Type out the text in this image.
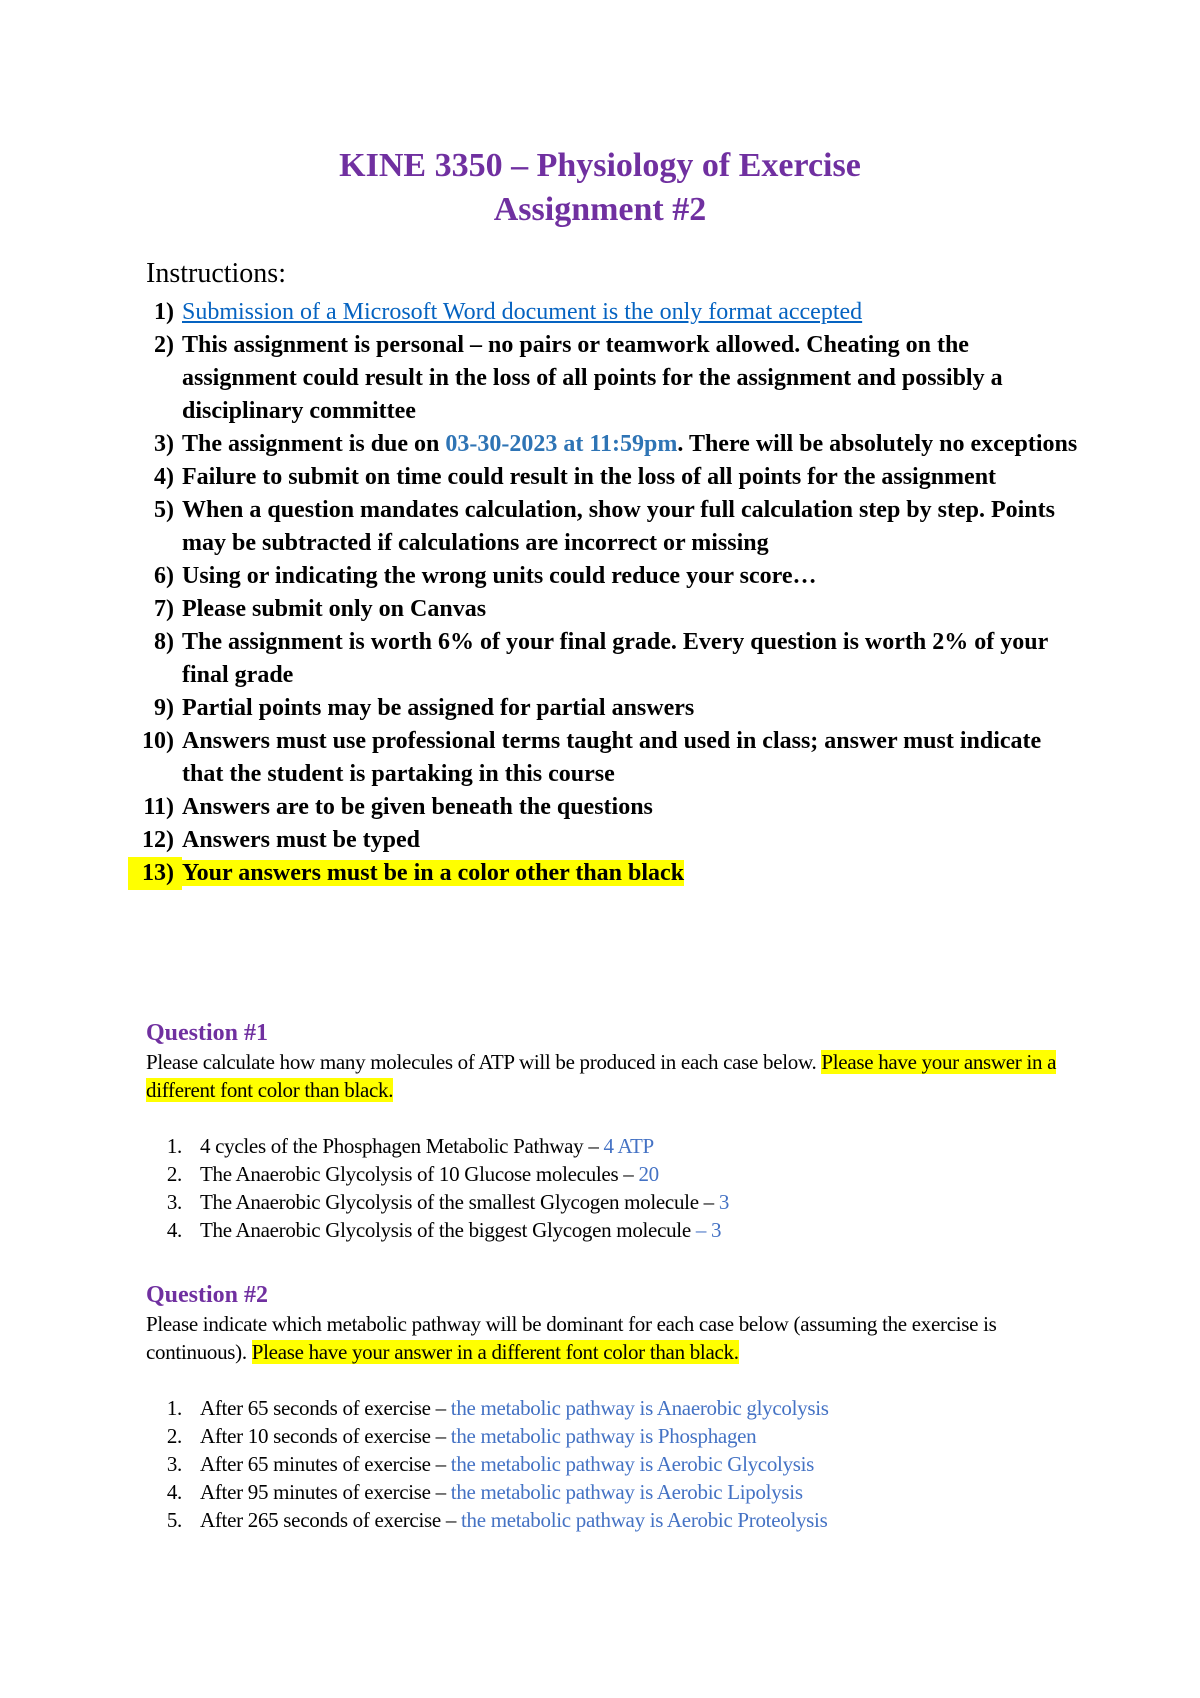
KINE 3350 – Physiology of Exercise
Assignment #2
Instructions:
1) Submission of a Microsoft Word document is the only format accepted
2) This assignment is personal – no pairs or teamwork allowed. Cheating on the assignment could result in the loss of all points for the assignment and possibly a disciplinary committee
3) The assignment is due on 03-30-2023 at 11:59pm. There will be absolutely no exceptions
4) Failure to submit on time could result in the loss of all points for the assignment
5) When a question mandates calculation, show your full calculation step by step. Points may be subtracted if calculations are incorrect or missing
6) Using or indicating the wrong units could reduce your score…
7) Please submit only on Canvas
8) The assignment is worth 6% of your final grade. Every question is worth 2% of your final grade
9) Partial points may be assigned for partial answers
10) Answers must use professional terms taught and used in class; answer must indicate that the student is partaking in this course
11) Answers are to be given beneath the questions
12) Answers must be typed
13) Your answers must be in a color other than black
Question #1
Please calculate how many molecules of ATP will be produced in each case below. Please have your answer in a different font color than black.
1. 4 cycles of the Phosphagen Metabolic Pathway – 4 ATP
2. The Anaerobic Glycolysis of 10 Glucose molecules – 20
3. The Anaerobic Glycolysis of the smallest Glycogen molecule – 3
4. The Anaerobic Glycolysis of the biggest Glycogen molecule – 3
Question #2
Please indicate which metabolic pathway will be dominant for each case below (assuming the exercise is continuous). Please have your answer in a different font color than black.
1. After 65 seconds of exercise – the metabolic pathway is Anaerobic glycolysis
2. After 10 seconds of exercise – the metabolic pathway is Phosphagen
3. After 65 minutes of exercise – the metabolic pathway is Aerobic Glycolysis
4. After 95 minutes of exercise – the metabolic pathway is Aerobic Lipolysis
5. After 265 seconds of exercise – the metabolic pathway is Aerobic Proteolysis
